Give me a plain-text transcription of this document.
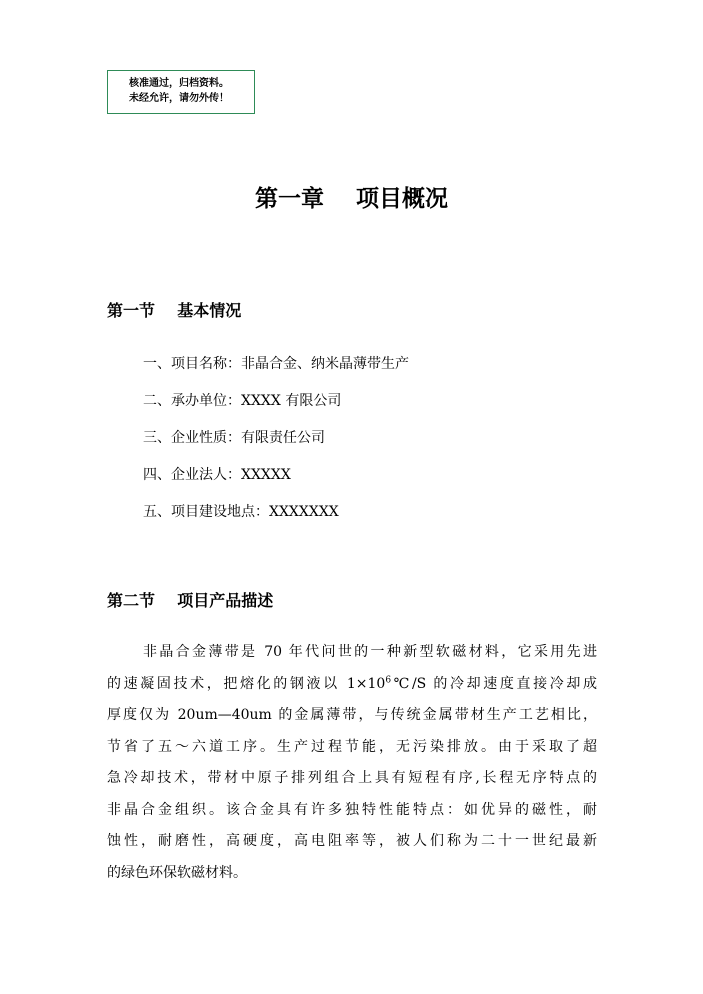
核准通过，归档资料。
未经允许，请勿外传！
第一章    项目概况
第一节    基本情况
一、项目名称：非晶合金、纳米晶薄带生产
二、承办单位：XXXX 有限公司
三、企业性质：有限责任公司
四、企业法人：XXXXX
五、项目建设地点：XXXXXXX
第二节    项目产品描述
非晶合金薄带是 70 年代问世的一种新型软磁材料，它采用先进
的速凝固技术，把熔化的钢液以 $1\times 10^6℃/S$ 的冷却速度直接冷却成
厚度仅为 20um—40um 的金属薄带，与传统金属带材生产工艺相比，
节省了五～六道工序。生产过程节能，无污染排放。由于采取了超
急冷却技术，带材中原子排列组合上具有短程有序,长程无序特点的
非晶合金组织。该合金具有许多独特性能特点：如优异的磁性，耐
蚀性，耐磨性，高硬度，高电阻率等，被人们称为二十一世纪最新
的绿色环保软磁材料。
